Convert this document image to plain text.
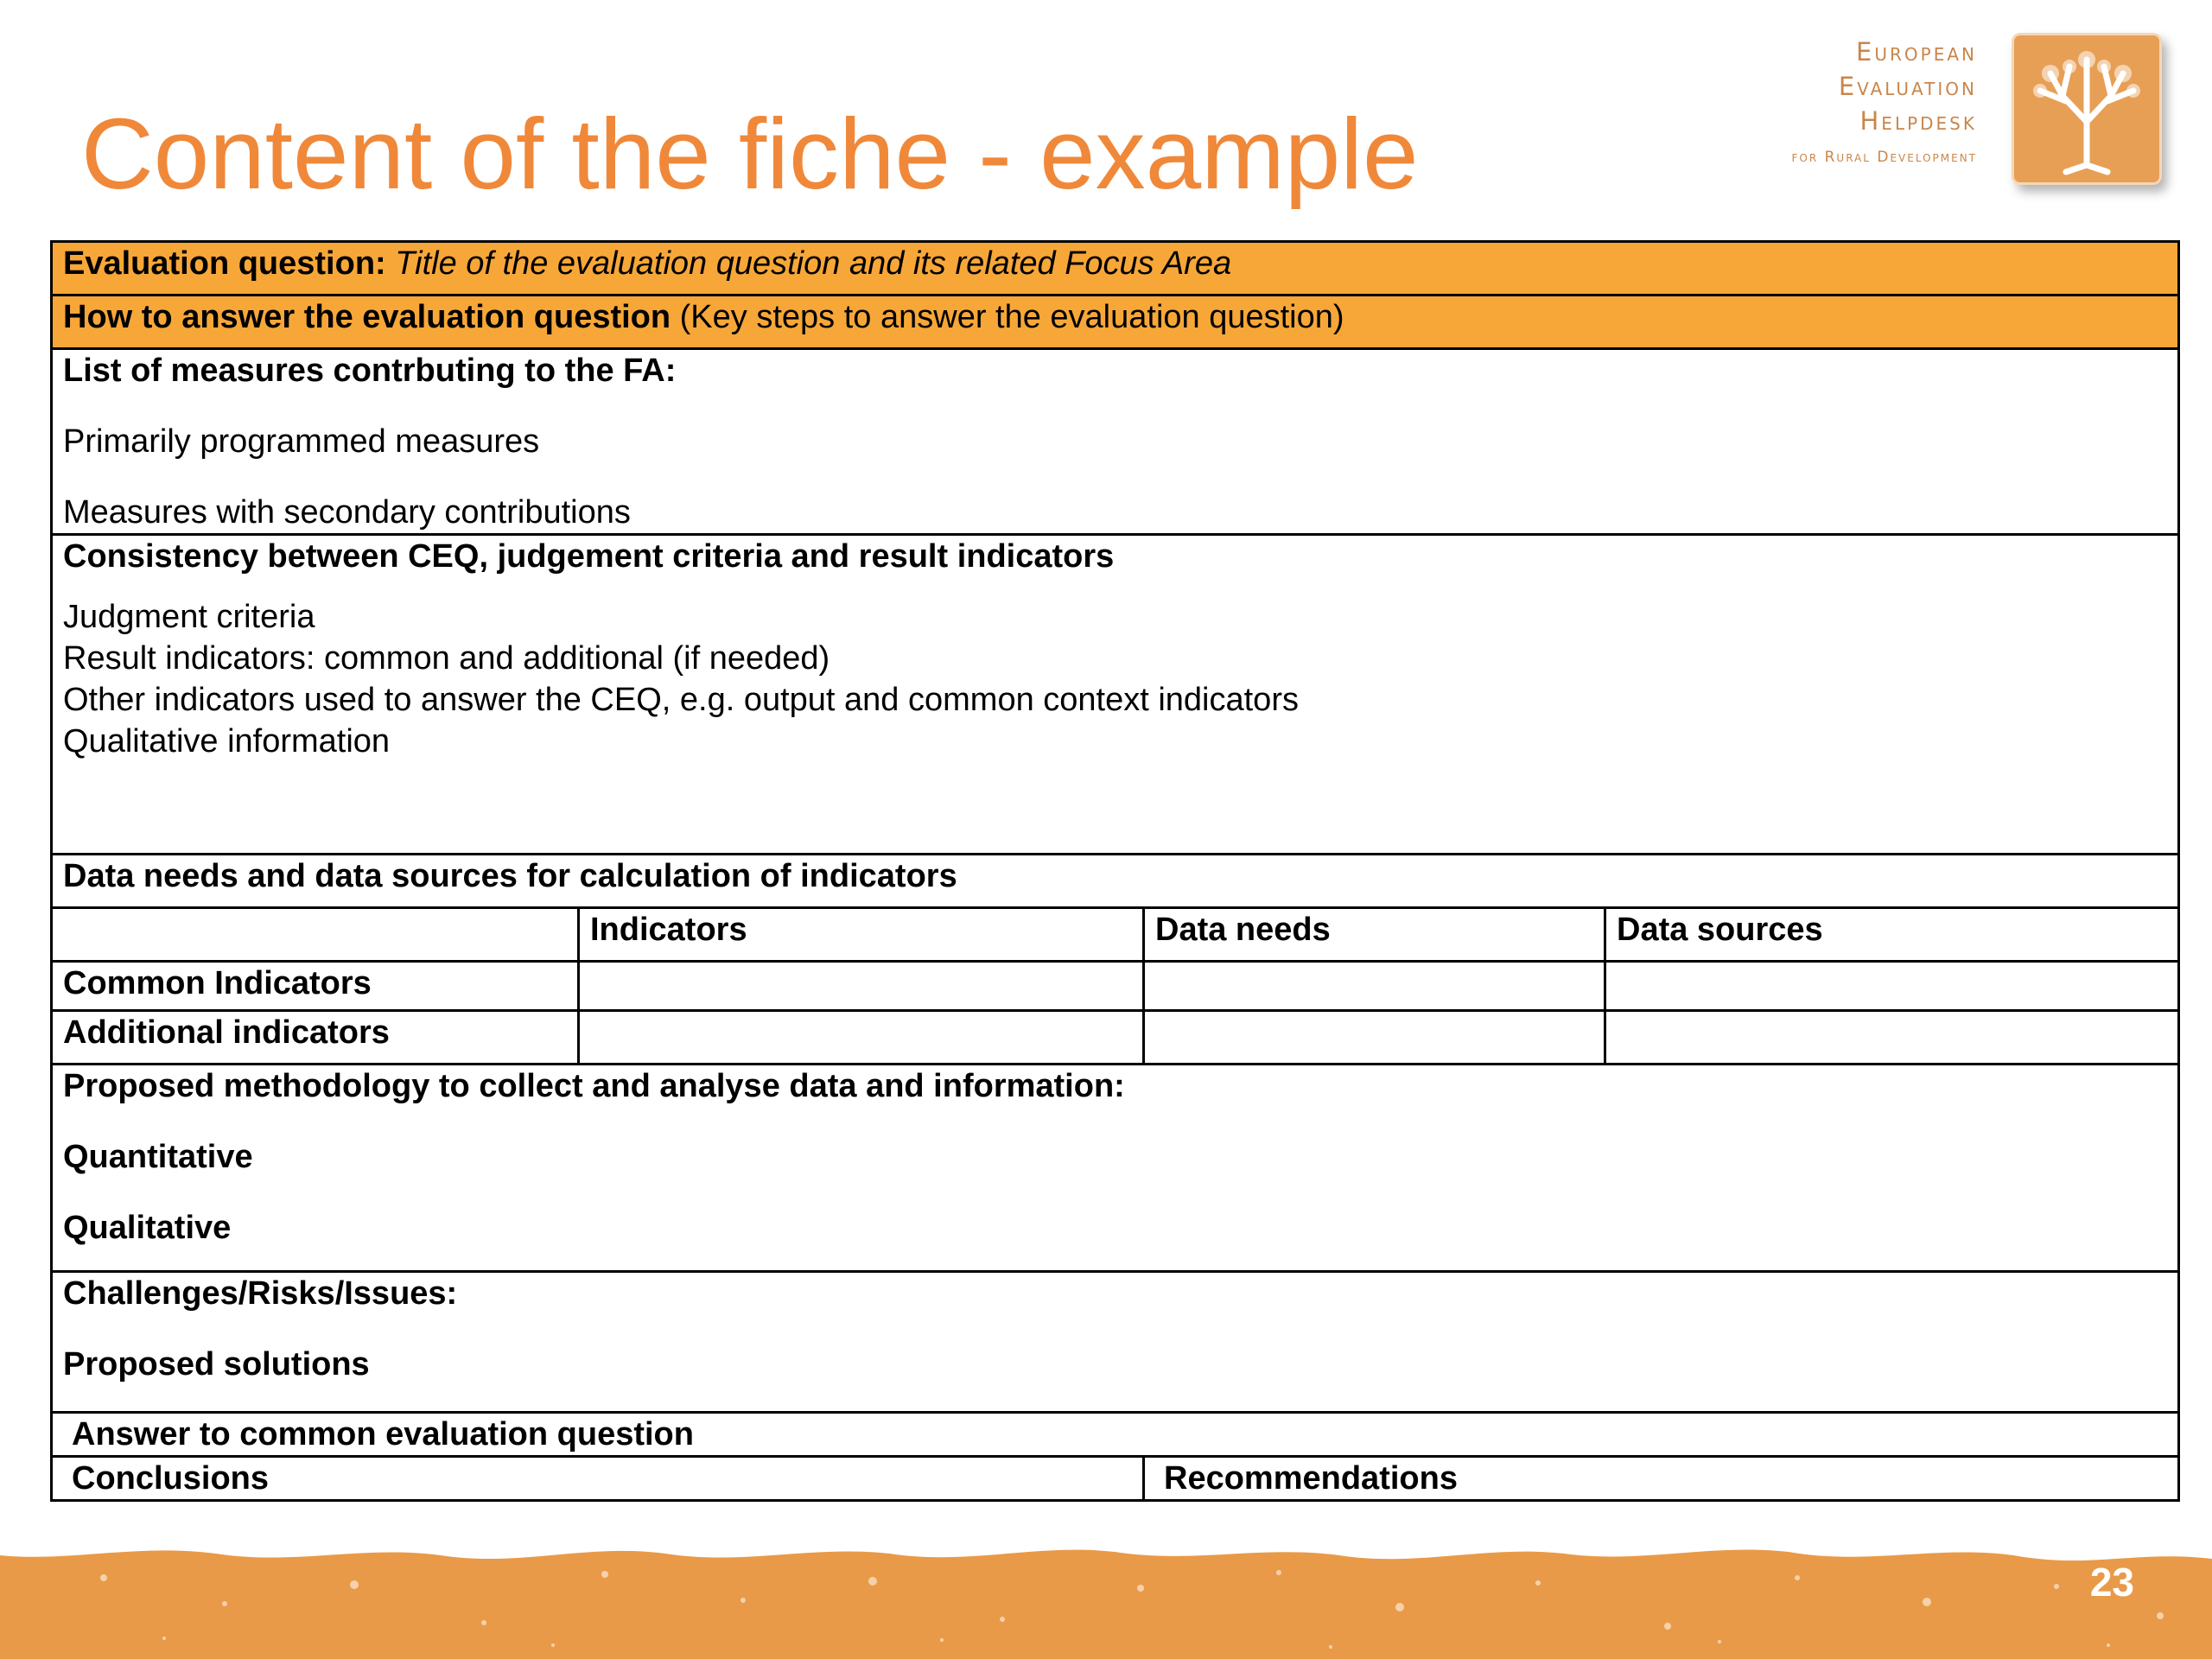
Content of the fiche - example
European
Evaluation
Helpdesk
for Rural Development
Evaluation question: Title of the evaluation question and its related Focus Area			
How to answer the evaluation question (Key steps to answer the evaluation question)			

List of measures contrbuting to the FA:

Primarily programmed measures

Measures with secondary contributions			

Consistency between CEQ, judgement criteria and result indicators

Judgment criteria

Result indicators: common and additional (if needed)

Other indicators used to answer the CEQ, e.g. output and common context indicators

Qualitative information			

Data needs and data sources for calculation of indicators			
	Indicators	Data needs	Data sources
Common Indicators			
Additional indicators			

Proposed methodology to collect and analyse data and information:

Quantitative

Qualitative			

Challenges/Risks/Issues:

Proposed solutions			

Answer to common evaluation question			
Conclusions		Recommendations	
23
